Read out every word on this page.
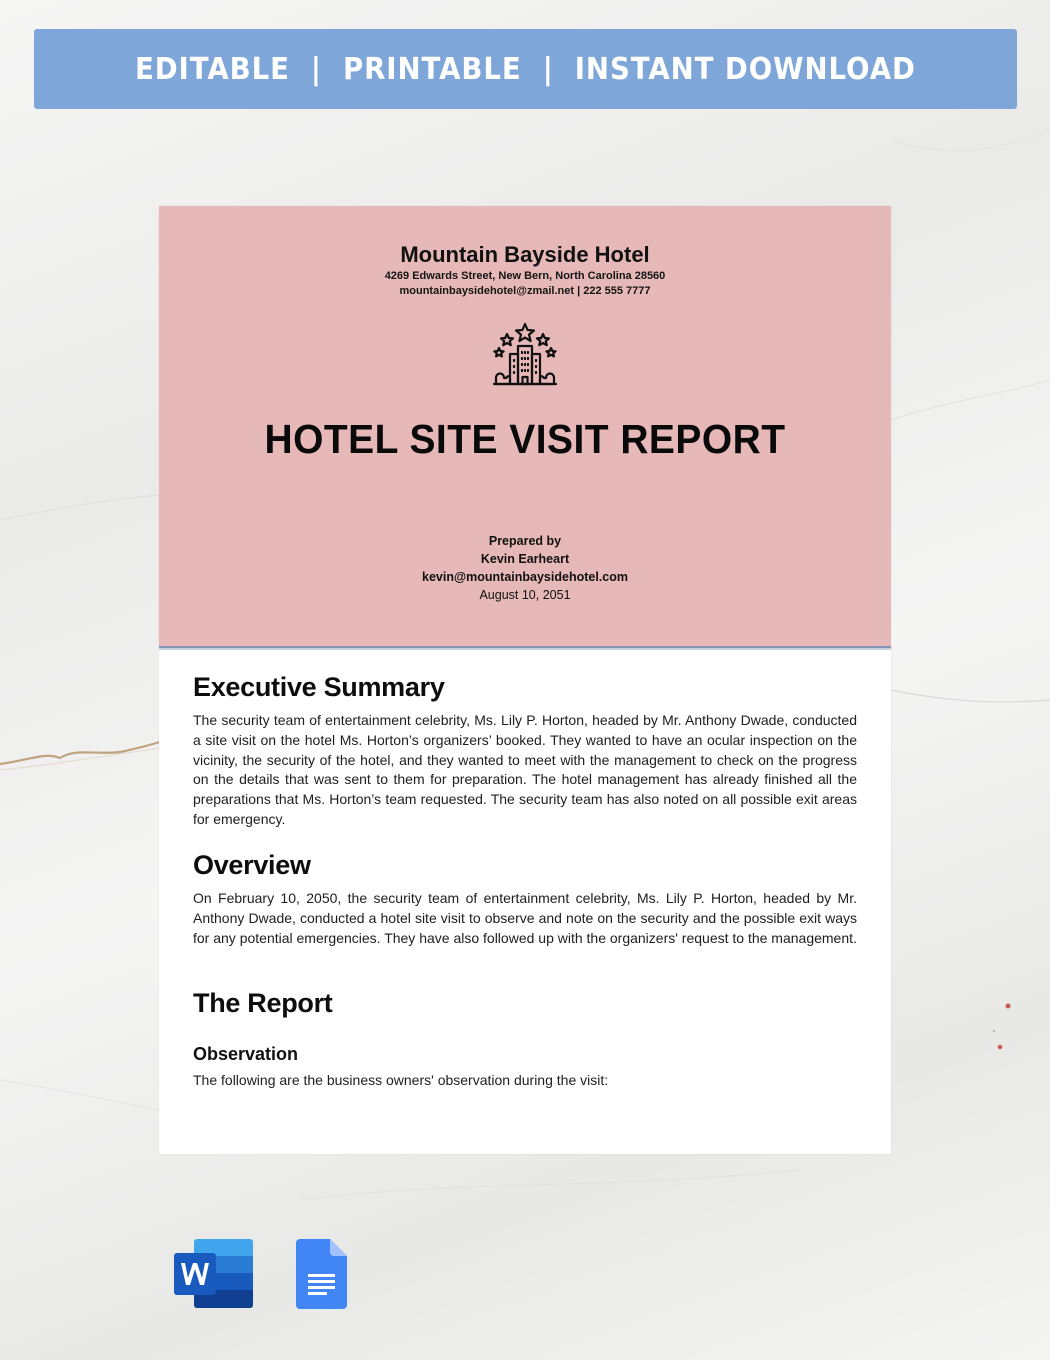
EDITABLE  |  PRINTABLE  |  INSTANT DOWNLOAD
Mountain Bayside Hotel
4269 Edwards Street, New Bern, North Carolina 28560
mountainbaysidehotel@zmail.net | 222 555 7777
HOTEL SITE VISIT REPORT
Prepared by
Kevin Earheart
kevin@mountainbaysidehotel.com
August 10, 2051
Executive Summary
The security team of entertainment celebrity, Ms. Lily P. Horton, headed by Mr. Anthony Dwade, conducted a site visit on the hotel Ms. Horton’s organizers’ booked. They wanted to have an ocular inspection on the vicinity, the security of the hotel, and they wanted to meet with the management to check on the progress on the details that was sent to them for preparation. The hotel management has already finished all the preparations that Ms. Horton’s team requested. The security team has also noted on all possible exit areas for emergency.
Overview
On February 10, 2050, the security team of entertainment celebrity, Ms. Lily P. Horton, headed by Mr. Anthony Dwade, conducted a hotel site visit to observe and note on the security and the possible exit ways for any potential emergencies. They have also followed up with the organizers' request to the management.
The Report
Observation
The following are the business owners' observation during the visit:
